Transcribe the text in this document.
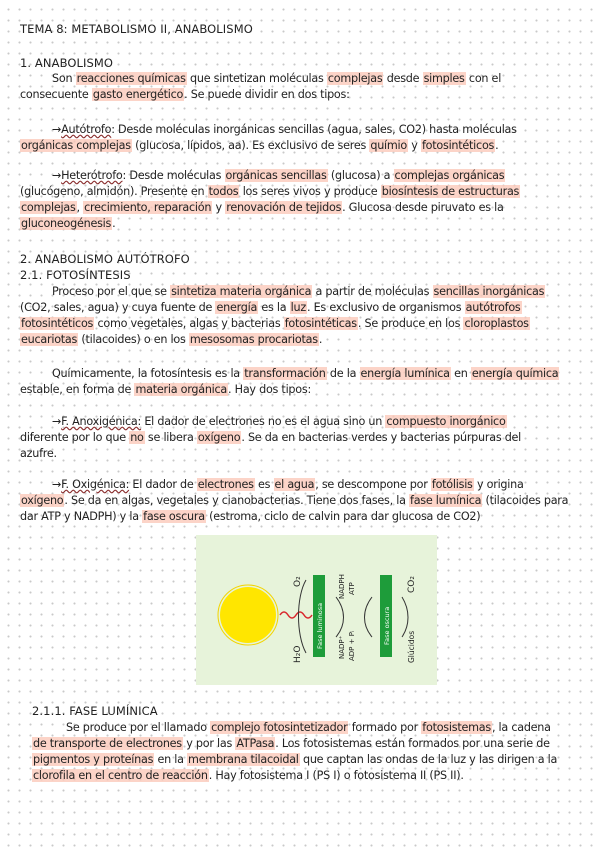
TEMA 8: METABOLISMO II, ANABOLISMO
1. ANABOLISMO
Son reacciones químicas que sintetizan moléculas complejas desde simples con el
consecuente gasto energético. Se puede dividir en dos tipos:
→Autótrofo: Desde moléculas inorgánicas sencillas (agua, sales, CO2) hasta moléculas
orgánicas complejas (glucosa, lípidos, aa). Es exclusivo de seres químio y fotosintéticos.
→Heterótrofo: Desde moléculas orgánicas sencillas (glucosa) a complejas orgánicas
(glucógeno, almidón). Presente en todos los seres vivos y produce biosíntesis de estructuras
complejas, crecimiento, reparación y renovación de tejidos. Glucosa desde piruvato es la
gluconeogénesis.
2. ANABOLISMO AUTÓTROFO
2.1. FOTOSÍNTESIS
Proceso por el que se sintetiza materia orgánica a partir de moléculas sencillas inorgánicas
(CO2, sales, agua) y cuya fuente de energía es la luz. Es exclusivo de organismos autótrofos
fotosintéticos como vegetales, algas y bacterias fotosintéticas. Se produce en los cloroplastos
eucariotas (tilacoides) o en los mesosomas procariotas.
Químicamente, la fotosíntesis es la transformación de la energía lumínica en energía química
estable, en forma de materia orgánica. Hay dos tipos:
→F. Anoxigénica: El dador de electrones no es el agua sino un compuesto inorgánico
diferente por lo que no se libera oxígeno. Se da en bacterias verdes y bacterias púrpuras del
azufre.
→F. Oxigénica: El dador de electrones es el agua, se descompone por fotólisis y origina
oxígeno. Se da en algas, vegetales y cianobacterias. Tiene dos fases, la fase lumínica (tilacoides para
dar ATP y NADPH) y la fase oscura (estroma, ciclo de calvin para dar glucosa de CO2)
O₂
H₂O
Fase luminosa	Fase oscura
NADPH ATP
NADP⁺ ADP + Pᵢ
CO₂
Glúcidos
2.1.1. FASE LUMÍNICA
Se produce por el llamado complejo fotosintetizador formado por fotosistemas, la cadena
de transporte de electrones y por las ATPasa. Los fotosistemas están formados por una serie de
pigmentos y proteínas en la membrana tilacoidal que captan las ondas de la luz y las dirigen a la
clorofila en el centro de reacción. Hay fotosistema I (PS I) o fotosistema II (PS II).
